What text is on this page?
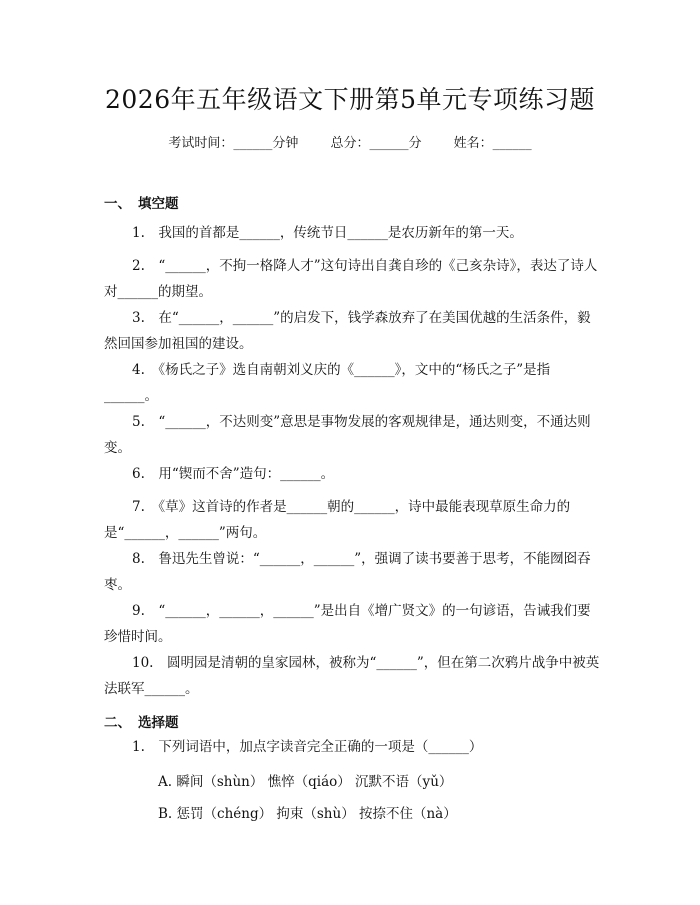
2026年五年级语文下册第5单元专项练习题
考试时间：______分钟 总分：______分 姓名：______
一、 填空题
1.　我国的首都是______，传统节日______是农历新年的第一天。
2.　“______，不拘一格降人才”这句诗出自龚自珍的《己亥杂诗》，表达了诗人对______的期望。
3.　在“______，______”的启发下，钱学森放弃了在美国优越的生活条件，毅然回国参加祖国的建设。
4.　《杨氏之子》选自南朝刘义庆的《______》，文中的“杨氏之子”是指______。
5.　“______，不达则变”意思是事物发展的客观规律是，通达则变，不通达则变。
6.　用“锲而不舍”造句：______。
7.　《草》这首诗的作者是______朝的______，诗中最能表现草原生命力的是“______，______”两句。
8.　鲁迅先生曾说：“______，______”，强调了读书要善于思考，不能囫囵吞枣。
9.　“______，______，______”是出自《增广贤文》的一句谚语，告诫我们要珍惜时间。
10.　圆明园是清朝的皇家园林，被称为“______”，但在第二次鸦片战争中被英法联军______。
二、 选择题
1.　下列词语中，加点字读音完全正确的一项是（______）
A. 瞬间（shùn） 憔悴（qiáo） 沉默不语（yǔ）
B. 惩罚（chéng） 拘束（shù） 按捺不住（nà）
